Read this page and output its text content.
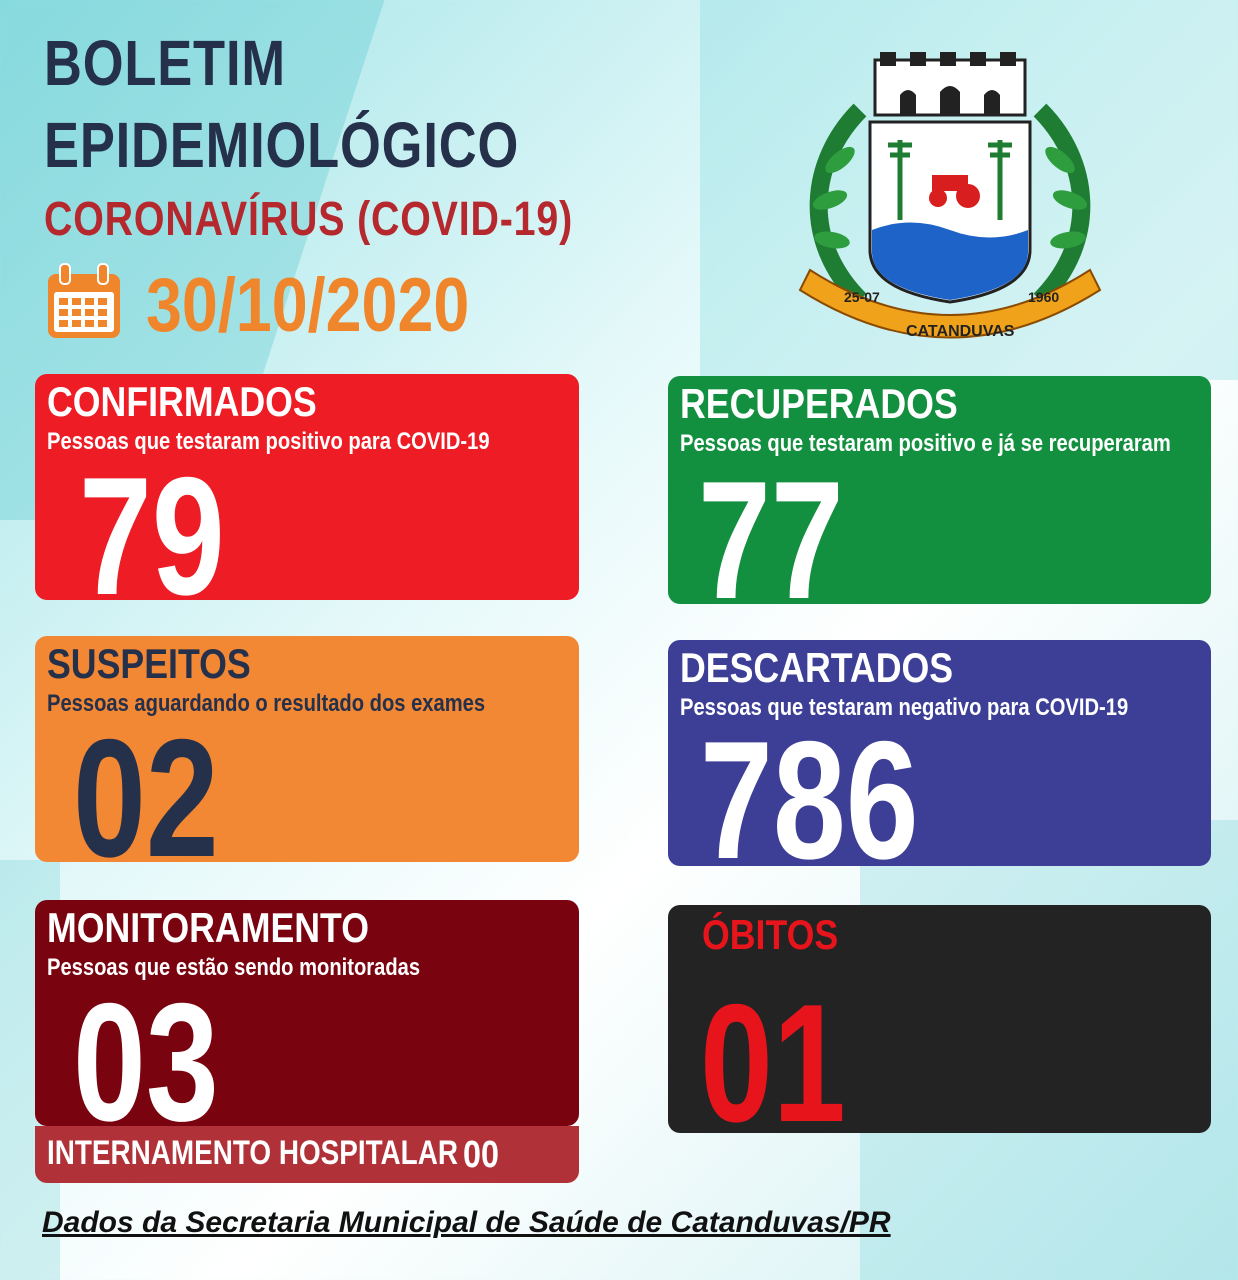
BOLETIM
EPIDEMIOLÓGICO
CORONAVÍRUS (COVID-19)
30/10/2020	25-07
CATANDUVAS
1960
CONFIRMADOS
Pessoas que testaram positivo para COVID-19
79
RECUPERADOS
Pessoas que testaram positivo e já se recuperaram
77
SUSPEITOS
Pessoas aguardando o resultado dos exames
02
DESCARTADOS
Pessoas que testaram negativo para COVID-19
786
MONITORAMENTO
Pessoas que estão sendo monitoradas
03
ÓBITOS
01
INTERNAMENTO HOSPITALAR 00
Dados da Secretaria Municipal de Saúde de Catanduvas/PR
